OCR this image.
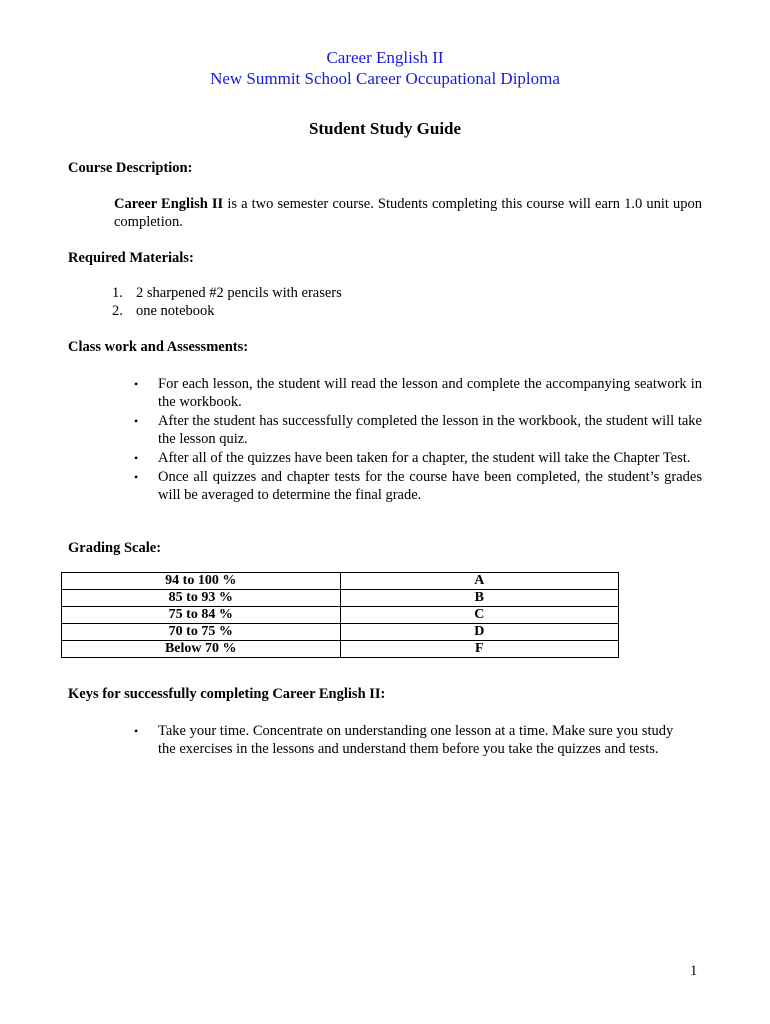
Career English II
New Summit School Career Occupational Diploma
Student Study Guide
Course Description:
Career English II is a two semester course. Students completing this course will earn 1.0 unit upon completion.
Required Materials:
1. 2 sharpened #2 pencils with erasers
2. one notebook
Class work and Assessments:
• For each lesson, the student will read the lesson and complete the accompanying seatwork in the workbook.
• After the student has successfully completed the lesson in the workbook, the student will take the lesson quiz.
• After all of the quizzes have been taken for a chapter, the student will take the Chapter Test.
• Once all quizzes and chapter tests for the course have been completed, the student’s grades will be averaged to determine the final grade.
Grading Scale:
94 to 100 %	A
85 to 93 %	B
75 to 84 %	C
70 to 75 %	D
Below 70 %	F
Keys for successfully completing Career English II:
• Take your time. Concentrate on understanding one lesson at a time. Make sure you study the exercises in the lessons and understand them before you take the quizzes and tests.
1
